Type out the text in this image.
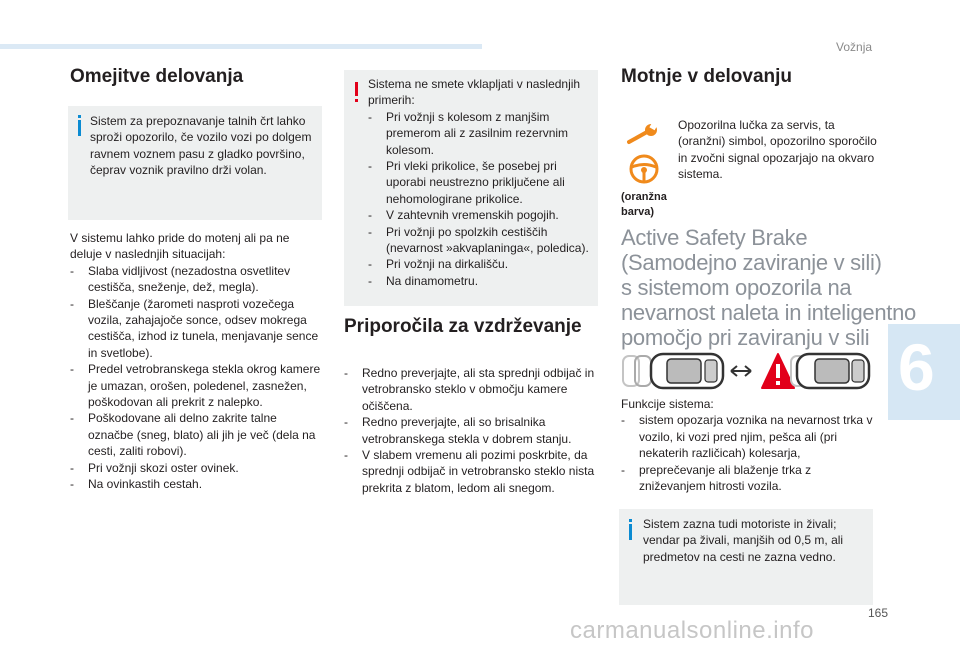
Vožnja
6
165
carmanualsonline.info
Omejitve delovanja

Sistem za prepoznavanje talnih črt lahko sproži opozorilo, če vozilo vozi po dolgem ravnem voznem pasu z gladko površino, čeprav voznik pravilno drži volan.

V sistemu lahko pride do motenj ali pa ne deluje v naslednjih situacijah:
- Slaba vidljivost (nezadostna osvetlitev cestišča, sneženje, dež, megla).
- Bleščanje (žarometi nasproti vozečega vozila, zahajajoče sonce, odsev mokrega cestišča, izhod iz tunela, menjavanje sence in svetlobe).
- Predel vetrobranskega stekla okrog kamere je umazan, orošen, poledenel, zasnežen, poškodovan ali prekrit z nalepko.
- Poškodovane ali delno zakrite talne označbe (sneg, blato) ali jih je več (dela na cesti, zaliti robovi).
- Pri vožnji skozi oster ovinek.
- Na ovinkastih cestah.
Sistema ne smete vklapljati v naslednjih primerih:
- Pri vožnji s kolesom z manjšim premerom ali z zasilnim rezervnim kolesom.
- Pri vleki prikolice, še posebej pri uporabi neustrezno priključene ali nehomologirane prikolice.
- V zahtevnih vremenskih pogojih.
- Pri vožnji po spolzkih cestiščih (nevarnost »akvaplaninga«, poledica).
- Pri vožnji na dirkališču.
- Na dinamometru.
Priporočila za vzdrževanje
- Redno preverjajte, ali sta sprednji odbijač in vetrobransko steklo v območju kamere očiščena.
- Redno preverjajte, ali so brisalnika vetrobranskega stekla v dobrem stanju.
- V slabem vremenu ali pozimi poskrbite, da sprednji odbijač in vetrobransko steklo nista prekrita z blatom, ledom ali snegom.
Motnje v delovanju
Opozorilna lučka za servis, ta (oranžni) simbol, opozorilno sporočilo in zvočni signal opozarjajo na okvaro sistema.
(oranžna barva)
Active Safety Brake
(Samodejno zaviranje v sili)
s sistemom opozorila na
nevarnost naleta in inteligentno
pomočjo pri zaviranju v sili
Funkcije sistema:
- sistem opozarja voznika na nevarnost trka v vozilo, ki vozi pred njim, pešca ali (pri nekaterih različicah) kolesarja,
- preprečevanje ali blaženje trka z zniževanjem hitrosti vozila.

Sistem zazna tudi motoriste in živali; vendar pa živali, manjših od 0,5 m, ali predmetov na cesti ne zazna vedno.
